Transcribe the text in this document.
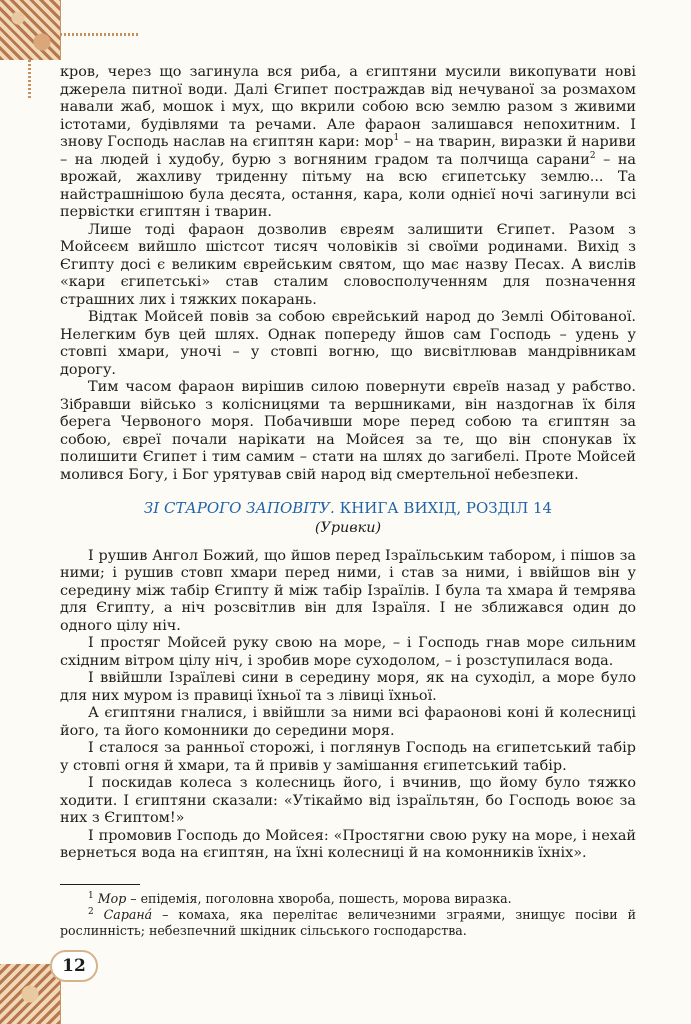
кров, через що загинула вся риба, а єгиптяни мусили викопувати нові джерела питної води. Далі Єгипет постраждав від нечуваної за розмахом навали жаб, мошок і мух, що вкрили собою всю землю разом з живими істотами, будівлями та речами. Але фараон залишався непохитним. І знову Господь наслав на єгиптян кари: мор$^1$ – на тварин, виразки й нариви – на людей і худобу, бурю з вогняним градом та полчища сарани$^2$ – на врожай, жахливу триденну пітьму на всю єгипетську землю... Та найстрашнішою була десята, остання, кара, коли однієї ночі загинули всі первістки єгиптян і тварин.

Лише тоді фараон дозволив євреям залишити Єгипет. Разом з Мойсеєм вийшло шістсот тисяч чоловіків зі своїми родинами. Вихід з Єгипту досі є великим єврейським святом, що має назву Песах. А вислів «кари єгипетські» став сталим словосполученням для позначення страшних лих і тяжких покарань.

Відтак Мойсей повів за собою єврейський народ до Землі Обітованої. Нелегким був цей шлях. Однак попереду йшов сам Господь – удень у стовпі хмари, уночі – у стовпі вогню, що висвітлював мандрівникам дорогу.

Тим часом фараон вирішив силою повернути євреїв назад у рабство. Зібравши військо з колісницями та вершниками, він наздогнав їх біля берега Червоного моря. Побачивши море перед собою та єгиптян за собою, євреї почали нарікати на Мойсея за те, що він спонукав їх полишити Єгипет і тим самим – стати на шлях до загибелі. Проте Мойсей молився Богу, і Бог урятував свій народ від смертельної небезпеки.

ЗІ СТАРОГО ЗАПОВІТУ. КНИГА ВИХІД, РОЗДІЛ 14
(Уривки)

І рушив Ангол Божий, що йшов перед Ізраїльським табором, і пішов за ними; і рушив стовп хмари перед ними, і став за ними, і ввійшов він у середину між табір Єгипту й між табір Ізраїлів. І була та хмара й темрява для Єгипту, а ніч розсвітлив він для Ізраїля. І не зближався один до одного цілу ніч.

І простяг Мойсей руку свою на море, – і Господь гнав море сильним східним вітром цілу ніч, і зробив море суходолом, – і розступилася вода.

І ввійшли Ізраїлеві сини в середину моря, як на суходіл, а море було для них муром із правиці їхньої та з лівиці їхньої.

А єгиптяни гналися, і ввійшли за ними всі фараонові коні й колесниці його, та його комонники до середини моря.

І сталося за ранньої сторожі, і поглянув Господь на єгипетський табір у стовпі огня й хмари, та й привів у замішання єгипетський табір.

І поскидав колеса з колесниць його, і вчинив, що йому було тяжко ходити. І єгиптяни сказали: «Утікаймо від ізраїльтян, бо Господь воює за них з Єгиптом!»

І промовив Господь до Мойсея: «Простягни свою руку на море, і нехай вернеться вода на єгиптян, на їхні колесниці й на комонників їхніх».

$^1$ Мор – епідемія, поголовна хвороба, пошесть, морова виразка.

$^2$ Сарана́ – комаха, яка перелітає величезними зграями, знищує посіви й рослинність; небезпечний шкідник сільського господарства.

12
